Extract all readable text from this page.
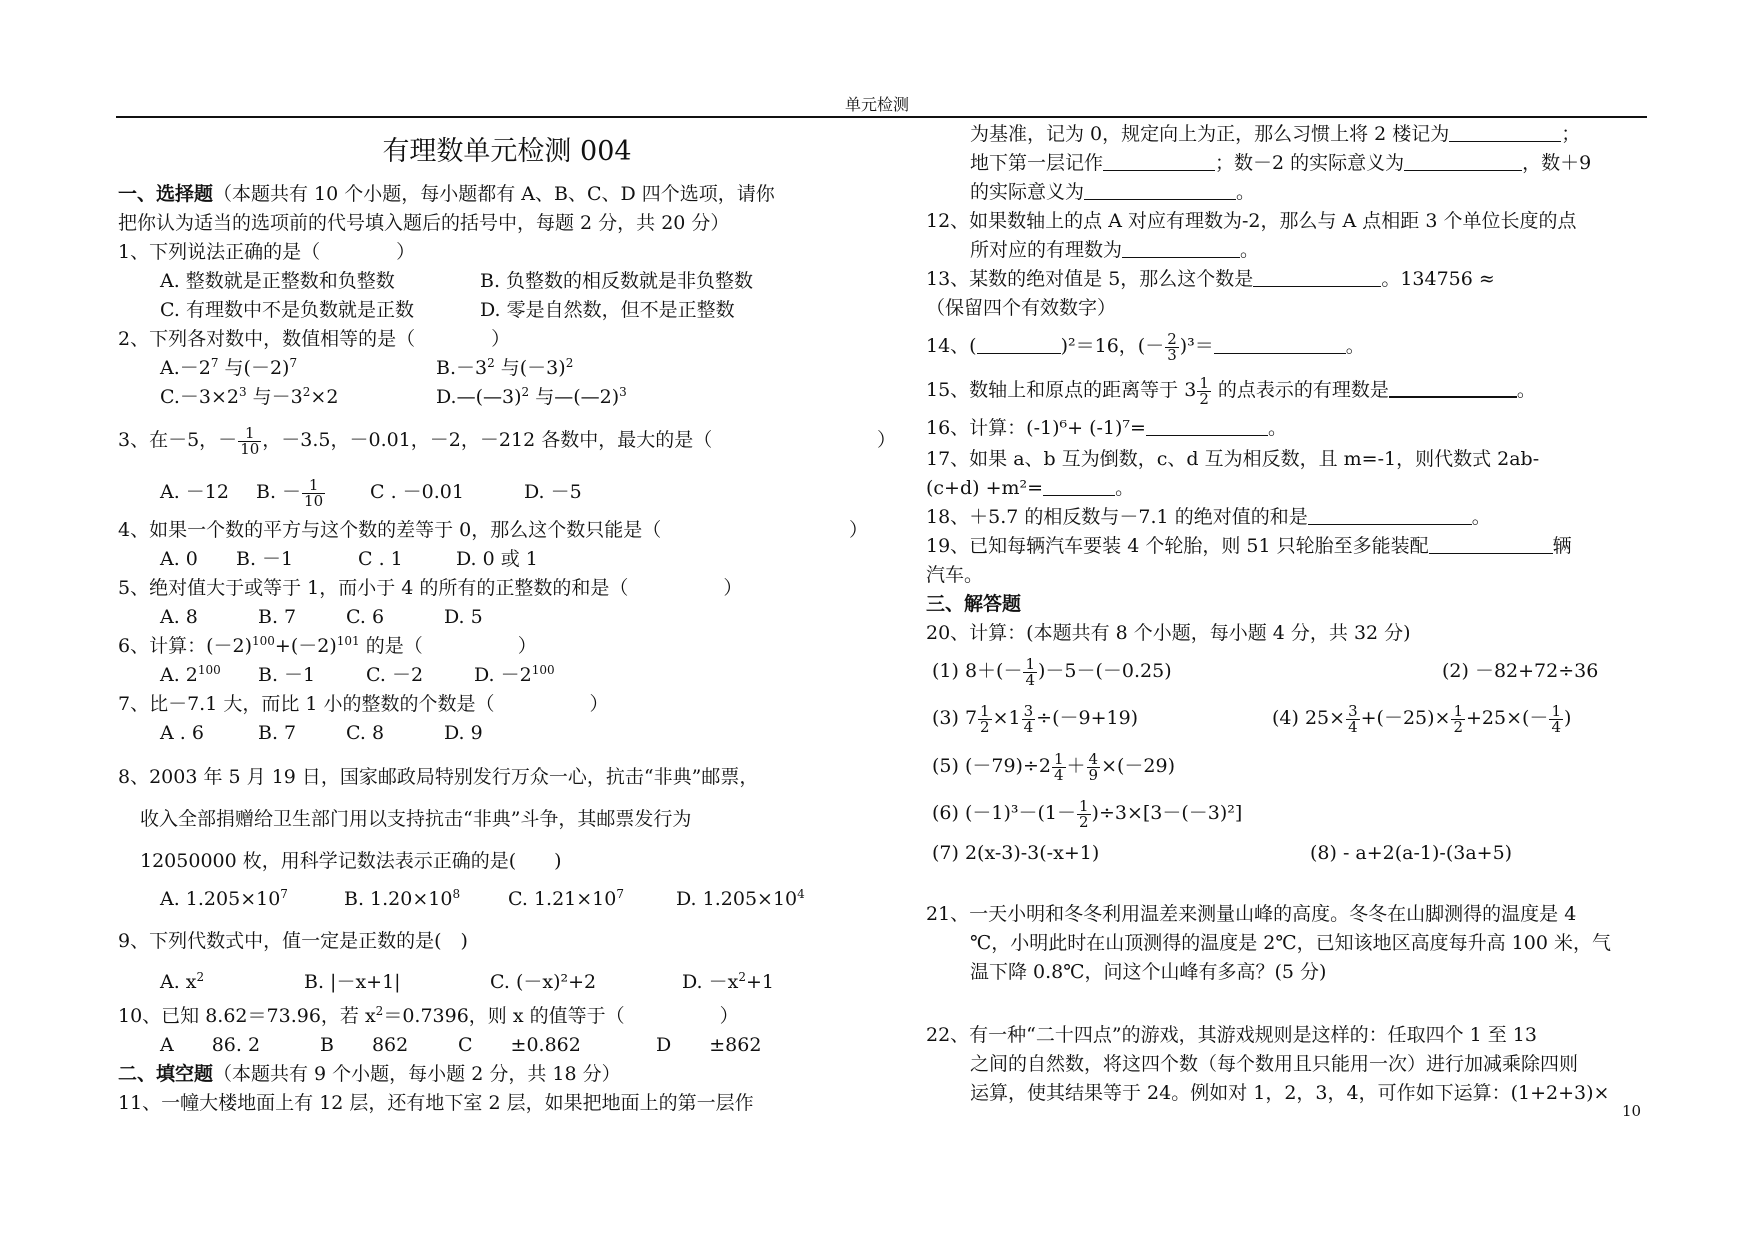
单元检测
10
有理数单元检测 004
一、选择题（本题共有 10 个小题，每小题都有 A、B、C、D 四个选项，请你
把你认为适当的选项前的代号填入题后的括号中，每题 2 分，共 20 分）
1、下列说法正确的是（　　　　）
A. 整数就是正整数和负整数	B. 负整数的相反数就是非负整数
C. 有理数中不是负数就是正数	D. 零是自然数，但不是正整数
2、下列各对数中，数值相等的是（　　　　）
$A.-2^7$ 与$(-2)^7$	$B.-3^2$ 与$(-3)^2$
$C.-3\times 2^3$ 与$-3^2\times 2$	D.—(—3)$^2$ 与—(—2)$^3$
3、在－5，－ $\frac{1}{10}$ ，－3.5，－0.01，－2，－212 各数中，最大的是（	）
A. －12 B. － $\frac{1}{10}$ C . －0.01	D. －5
4、如果一个数的平方与这个数的差等于 0，那么这个数只能是（	）
A. 0 B. －1	C . 1	D. 0 或 1
5、绝对值大于或等于 1，而小于 4 的所有的正整数的和是（　　　　　）
A. 8	B. 7	C. 6	D. 5
6、计算：$(-2)^{100}+(-2)^{101}$ 的是（　　　　　）
A. $2^{100}$ B. －1	C. －2	D. $-2^{100}$
7、比－7.1 大，而比 1 小的整数的个数是（　　　　　）
A . 6	B. 7	C. 8	D. 9
8、2003 年 5 月 19 日，国家邮政局特别发行万众一心，抗击“非典”邮票，
收入全部捐赠给卫生部门用以支持抗击“非典”斗争，其邮票发行为
12050000 枚，用科学记数法表示正确的是(　　)
A. $1.205\times 10^7$	B. $1.20\times 10^8$	C. $1.21\times 10^7$	D. $1.205\times 10^4$
9、下列代数式中，值一定是正数的是(　)
A. $x^2$	B. |－x+1|	C. (－x)²+2	D. $-x^2+1$
10、已知 8.62＝73.96，若 $x^2=0.7396$，则 x 的值等于（　　　　　）
A　　86. 2	B　　862	C　　±0.862	D　　±862
二、填空题（本题共有 9 个小题，每小题 2 分，共 18 分）
11、一幢大楼地面上有 12 层，还有地下室 2 层，如果把地面上的第一层作
为基准，记为 0，规定向上为正，那么习惯上将 2 楼记为	；
地下第一层记作	；数－2 的实际意义为	，数＋9
的实际意义为	。
12、如果数轴上的点 A 对应有理数为-2，那么与 A 点相距 3 个单位长度的点
所对应的有理数为	。
13、某数的绝对值是 5，那么这个数是	。134756 ≈
（保留四个有效数字）
14、(	)²＝16，(－ $\frac{2}{3} )^3=$	。
15、数轴上和原点的距离等于 $3 \frac{1}{2}$ 的点表示的有理数是	。
16、计算：(-1)⁶+ (-1)⁷=	。
17、如果 a、b 互为倒数，c、d 互为相反数，且 m=-1，则代数式 2ab-
(c+d) +m²=	。
18、＋5.7 的相反数与－7.1 的绝对值的和是	。
19、已知每辆汽车要装 4 个轮胎，则 51 只轮胎至多能装配	辆
汽车。
三、解答题
20、计算：(本题共有 8 个小题，每小题 4 分，共 32 分)
(1) $8+(- \frac{1}{4} )-5-(-0.25)$	(2) －82+72÷36
(3) $7 \frac{1}{2} \times 1 \frac{3}{4} \div(-9+19)$	(4) $25\times \frac{3}{4} +(-25)\times \frac{1}{2} +25\times(- \frac{1}{4}$ )
(5) $(-79)\div 2 \frac{1}{4} + \frac{4}{9} \times(-29)$
(6) $(-1)^3-(1- \frac{1}{2} )\div 3\times[3-(-3)^2]$
(7) 2(x-3)-3(-x+1)	(8) - a+2(a-1)-(3a+5)
21、一天小明和冬冬利用温差来测量山峰的高度。冬冬在山脚测得的温度是 4
℃，小明此时在山顶测得的温度是 2℃，已知该地区高度每升高 100 米，气
温下降 0.8℃，问这个山峰有多高？(5 分)
22、有一种“二十四点”的游戏，其游戏规则是这样的：任取四个 1 至 13
之间的自然数，将这四个数（每个数用且只能用一次）进行加减乘除四则
运算，使其结果等于 24。例如对 1，2，3，4，可作如下运算：(1+2+3)×
